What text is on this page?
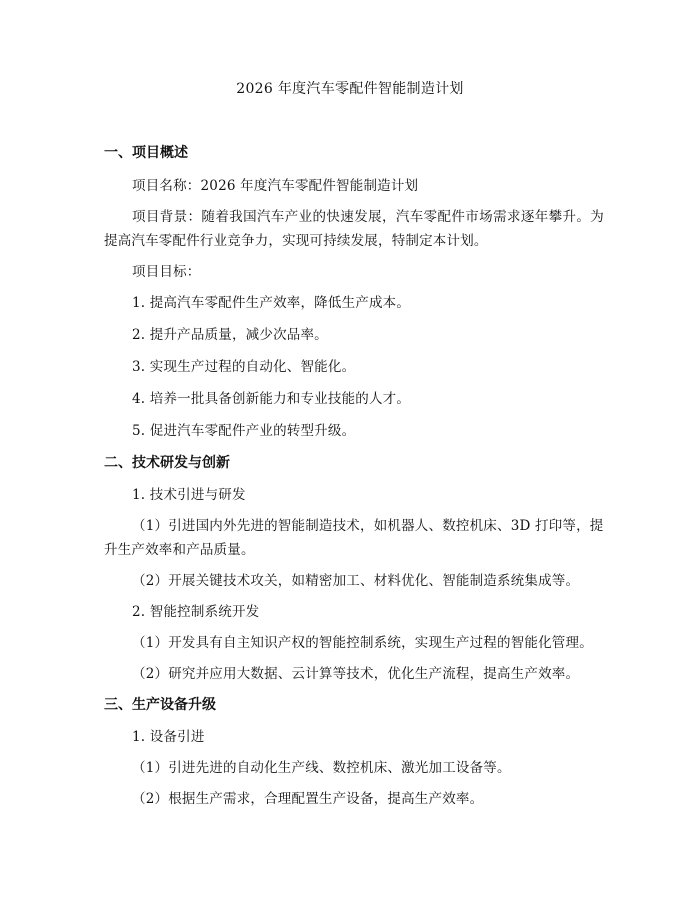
2026 年度汽车零配件智能制造计划
一、项目概述
项目名称：2026 年度汽车零配件智能制造计划
项目背景：随着我国汽车产业的快速发展，汽车零配件市场需求逐年攀升。为提高汽车零配件行业竞争力，实现可持续发展，特制定本计划。
项目目标：
1. 提高汽车零配件生产效率，降低生产成本。
2. 提升产品质量，减少次品率。
3. 实现生产过程的自动化、智能化。
4. 培养一批具备创新能力和专业技能的人才。
5. 促进汽车零配件产业的转型升级。
二、技术研发与创新
1. 技术引进与研发
（1）引进国内外先进的智能制造技术，如机器人、数控机床、3D 打印等，提升生产效率和产品质量。
（2）开展关键技术攻关，如精密加工、材料优化、智能制造系统集成等。
2. 智能控制系统开发
（1）开发具有自主知识产权的智能控制系统，实现生产过程的智能化管理。
（2）研究并应用大数据、云计算等技术，优化生产流程，提高生产效率。
三、生产设备升级
1. 设备引进
（1）引进先进的自动化生产线、数控机床、激光加工设备等。
（2）根据生产需求，合理配置生产设备，提高生产效率。
